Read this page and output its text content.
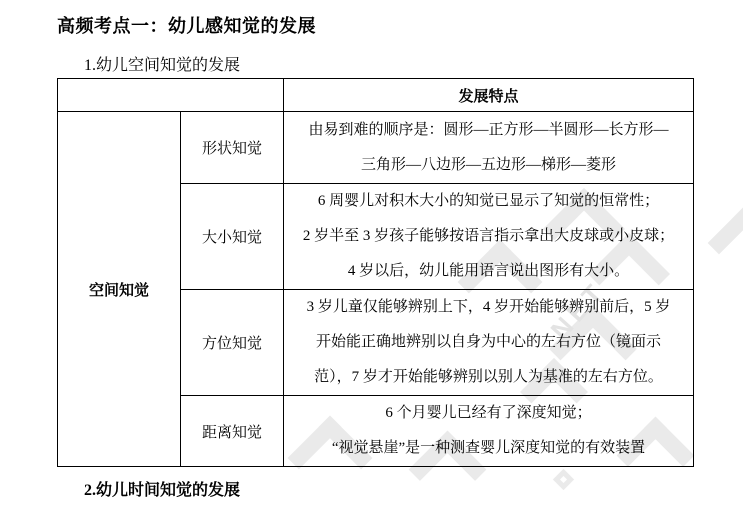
NET
高频考点一：幼儿感知觉的发展
1.幼儿空间知觉的发展
		发展特点
空间知觉	形状知觉	由易到难的顺序是：圆形—正方形—半圆形—长方形—
三角形—八边形—五边形—梯形—菱形

	大小知觉	6 周婴儿对积木大小的知觉已显示了知觉的恒常性；
2 岁半至 3 岁孩子能够按语言指示拿出大皮球或小皮球；
4 岁以后，幼儿能用语言说出图形有大小。

	方位知觉	3 岁儿童仅能够辨别上下，4 岁开始能够辨别前后，5 岁
开始能正确地辨别以自身为中心的左右方位（镜面示
范），7 岁才开始能够辨别以别人为基准的左右方位。

	距离知觉	6 个月婴儿已经有了深度知觉；
“视觉悬崖”是一种测查婴儿深度知觉的有效装置
2.幼儿时间知觉的发展
